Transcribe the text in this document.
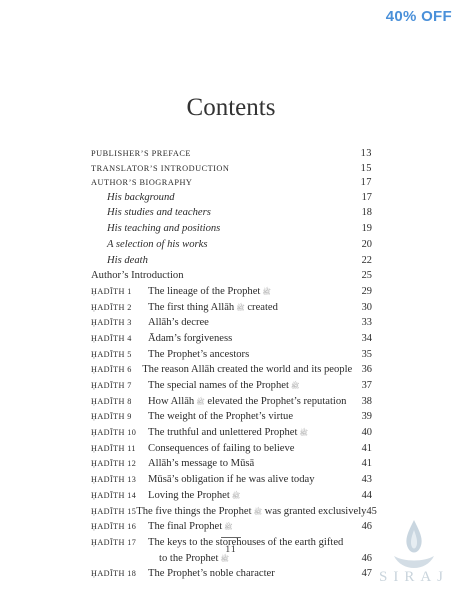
40% OFF
Contents
PUBLISHER’S PREFACE	13
TRANSLATOR’S INTRODUCTION	15
AUTHOR’S BIOGRAPHY	17
His background	17
His studies and teachers	18
His teaching and positions	19
A selection of his works	20
His death	22
Author’s Introduction	25
ḤADĪTH 1	The lineage of the Prophet ﷺ	29
ḤADĪTH 2	The first thing Allāh ﷺ created	30
ḤADĪTH 3	Allāh’s decree	33
ḤADĪTH 4	Ādam’s forgiveness	34
ḤADĪTH 5	The Prophet’s ancestors	35
ḤADĪTH 6 The reason Allāh created the world and its people 36
ḤADĪTH 7	The special names of the Prophet ﷺ	37
ḤADĪTH 8	How Allāh ﷺ elevated the Prophet’s reputation	38
ḤADĪTH 9	The weight of the Prophet’s virtue	39
ḤADĪTH 10	The truthful and unlettered Prophet ﷺ	40
ḤADĪTH 11	Consequences of failing to believe	41
ḤADĪTH 12	Allāh’s message to Mūsā	41
ḤADĪTH 13	Mūsā’s obligation if he was alive today	43
ḤADĪTH 14	Loving the Prophet ﷺ	44
ḤADĪTH 15 The five things the Prophet ﷺ was granted exclusively 45
ḤADĪTH 16	The final Prophet ﷺ	46
ḤADĪTH 17	The keys to the storehouses of the earth gifted
to the Prophet ﷺ	46
ḤADĪTH 18	The Prophet’s noble character	47
11
SIRAJ
